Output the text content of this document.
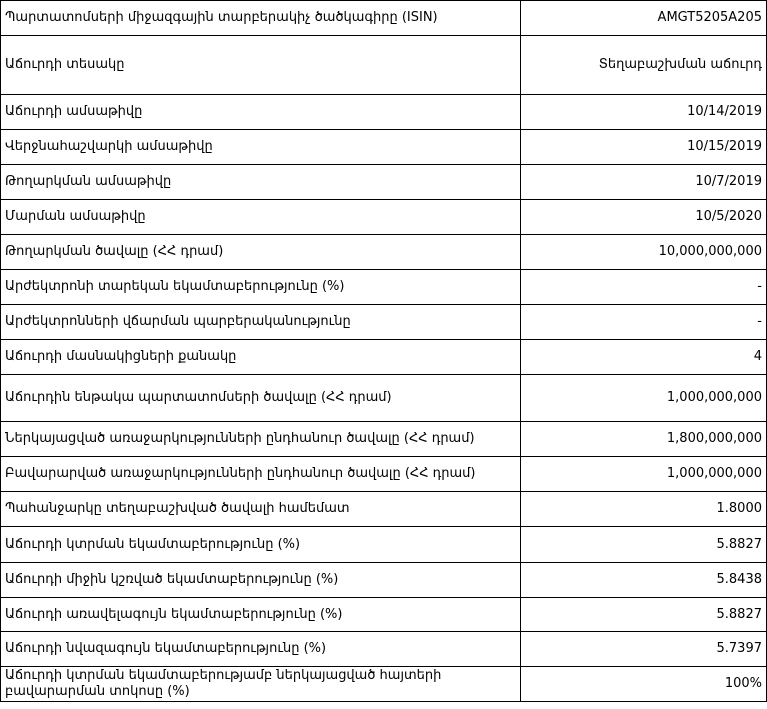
Պարտատոմսերի միջազգային տարբերակիչ ծածկագիրը (ISIN)	AMGT5205A205
Աճուրդի տեսակը	Տեղաբաշխման աճուրդ
Աճուրդի ամսաթիվը	10/14/2019
Վերջնահաշվարկի ամսաթիվը	10/15/2019
Թողարկման ամսաթիվը	10/7/2019
Մարման ամսաթիվը	10/5/2020
Թողարկման ծավալը (ՀՀ դրամ)	10,000,000,000
Արժեկտրոնի տարեկան եկամտաբերությունը (%)	-
Արժեկտրոնների վճարման պարբերականությունը	-
Աճուրդի մասնակիցների քանակը	4
Աճուրդին ենթակա պարտատոմսերի ծավալը (ՀՀ դրամ)	1,000,000,000
Ներկայացված առաջարկությունների ընդհանուր ծավալը (ՀՀ դրամ)	1,800,000,000
Բավարարված առաջարկությունների ընդհանուր ծավալը (ՀՀ դրամ)	1,000,000,000
Պահանջարկը տեղաբաշխված ծավալի համեմատ	1.8000
Աճուրդի կտրման եկամտաբերությունը (%)	5.8827
Աճուրդի միջին կշռված եկամտաբերությունը (%)	5.8438
Աճուրդի առավելագույն եկամտաբերությունը (%)	5.8827
Աճուրդի նվազագույն եկամտաբերությունը (%)	5.7397
Աճուրդի կտրման եկամտաբերությամբ ներկայացված հայտերի բավարարման տոկոսը (%)	100%
